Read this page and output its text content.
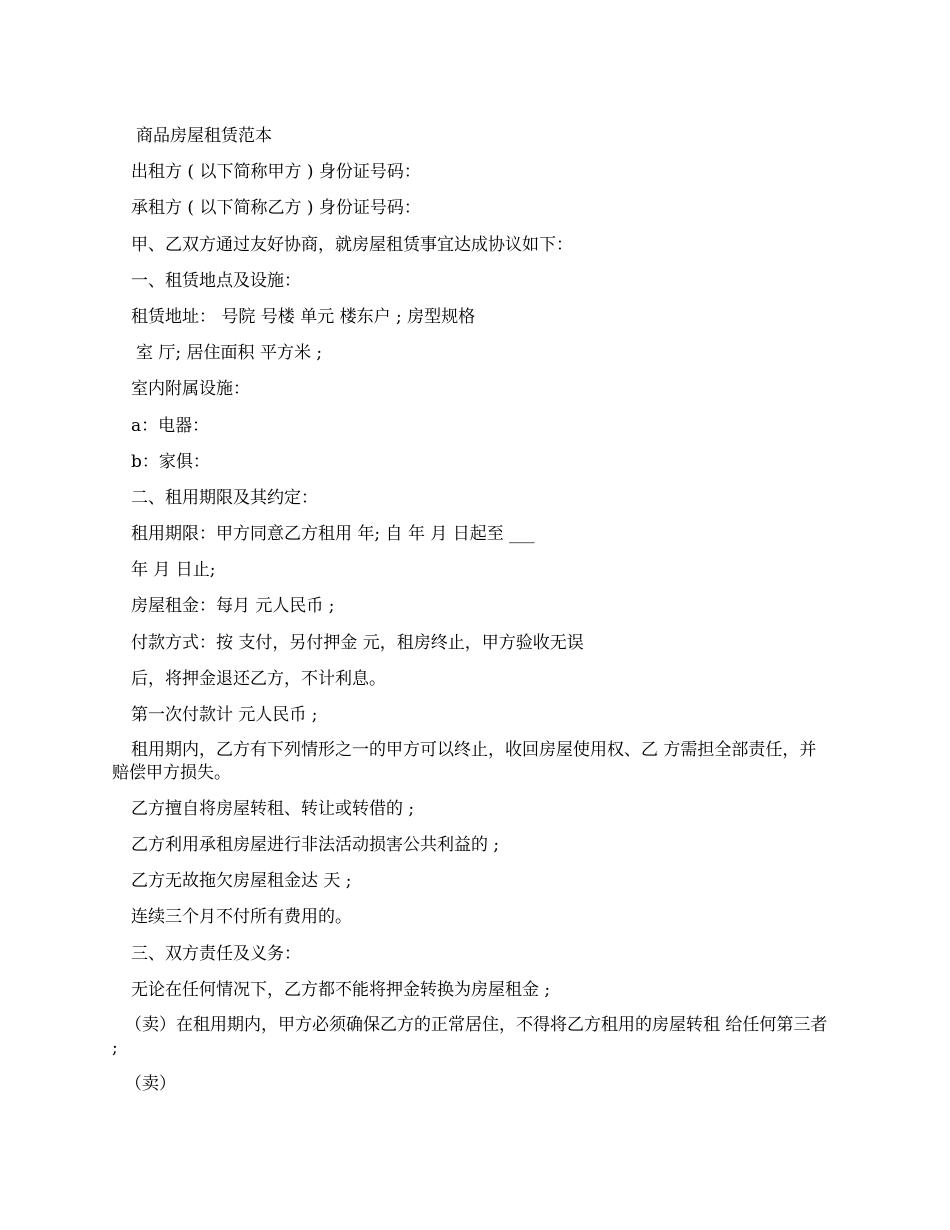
商品房屋租赁范本

出租方 ( 以下简称甲方 ) 身份证号码：

承租方 ( 以下简称乙方 ) 身份证号码：

甲、乙双方通过友好协商，就房屋租赁事宜达成协议如下：

一、租赁地点及设施：

租赁地址： 号院 号楼 单元 楼东户 ; 房型规格

室 厅; 居住面积 平方米 ;

室内附属设施：

a：电器：

b：家俱：

二、租用期限及其约定：

租用期限：甲方同意乙方租用 年; 自 年 月 日起至 ___

年 月 日止;

房屋租金：每月 元人民币 ;

付款方式：按 支付，另付押金 元，租房终止，甲方验收无误

后，将押金退还乙方，不计利息。

第一次付款计 元人民币 ;

租用期内，乙方有下列情形之一的甲方可以终止，收回房屋使用权、乙 方需担全部责任，并赔偿甲方损失。

乙方擅自将房屋转租、转让或转借的 ;

乙方利用承租房屋进行非法活动损害公共利益的 ;

乙方无故拖欠房屋租金达 天 ;

连续三个月不付所有费用的。

三、双方责任及义务：

无论在任何情况下，乙方都不能将押金转换为房屋租金 ;

（卖）在租用期内，甲方必须确保乙方的正常居住，不得将乙方租用的房屋转租 给任何第三者 ;

（卖）
